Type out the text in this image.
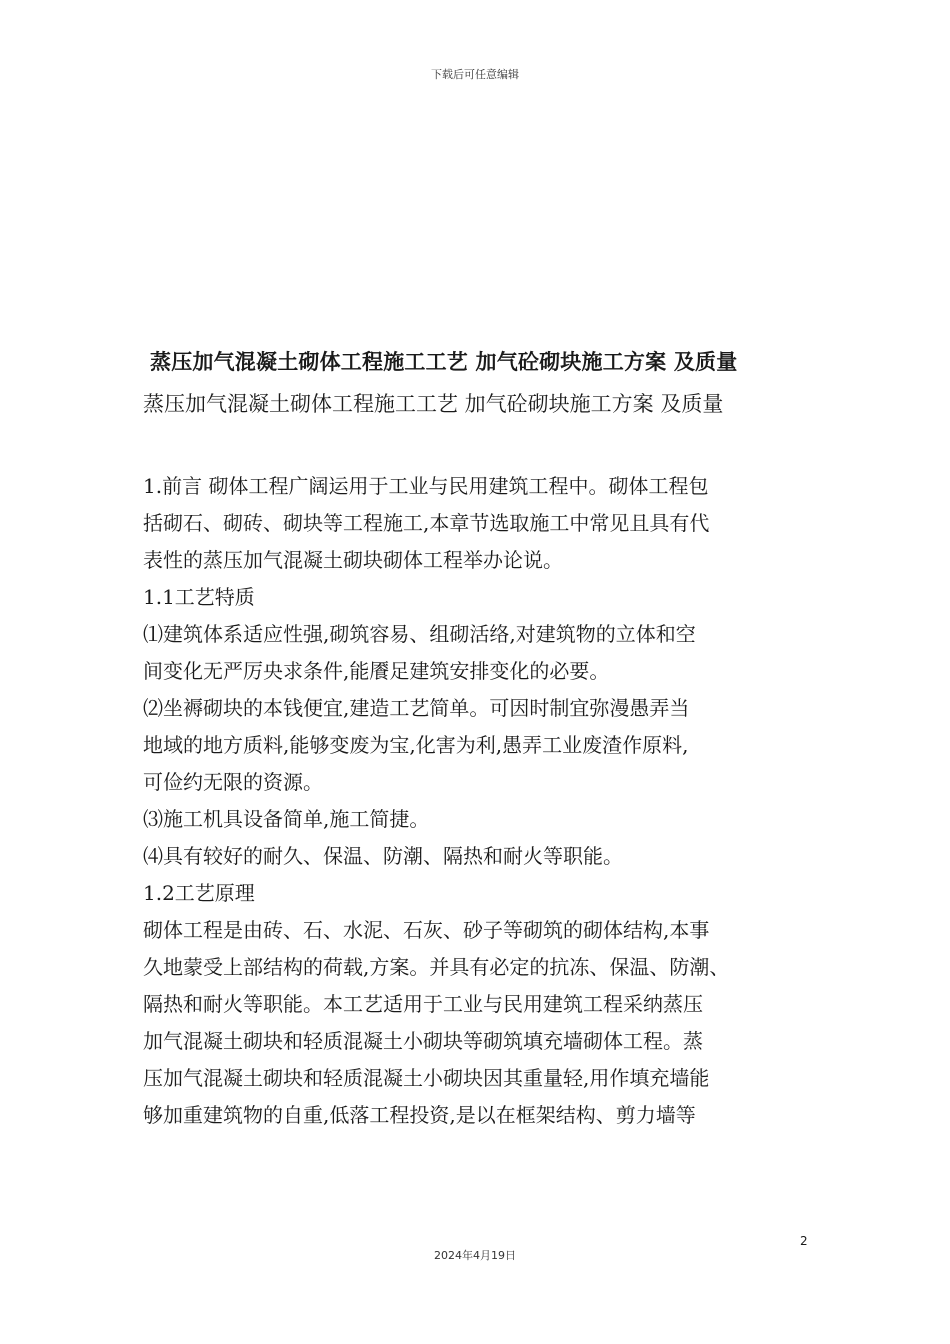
下载后可任意编辑
蒸压加气混凝土砌体工程施工工艺 加气砼砌块施工方案 及质量
蒸压加气混凝土砌体工程施工工艺 加气砼砌块施工方案 及质量
1.前言 砌体工程广阔运用于工业与民用建筑工程中。砌体工程包
括砌石、砌砖、砌块等工程施工,本章节选取施工中常见且具有代
表性的蒸压加气混凝土砌块砌体工程举办论说。
1.1工艺特质
⑴建筑体系适应性强,砌筑容易、组砌活络,对建筑物的立体和空
间变化无严厉央求条件,能餍足建筑安排变化的必要。
⑵坐褥砌块的本钱便宜,建造工艺简单。可因时制宜弥漫愚弄当
地域的地方质料,能够变废为宝,化害为利,愚弄工业废渣作原料,
可俭约无限的资源。
⑶施工机具设备简单,施工简捷。
⑷具有较好的耐久、保温、防潮、隔热和耐火等职能。
1.2工艺原理
砌体工程是由砖、石、水泥、石灰、砂子等砌筑的砌体结构,本事
久地蒙受上部结构的荷载,方案。并具有必定的抗冻、保温、防潮、
隔热和耐火等职能。本工艺适用于工业与民用建筑工程采纳蒸压
加气混凝土砌块和轻质混凝土小砌块等砌筑填充墙砌体工程。蒸
压加气混凝土砌块和轻质混凝土小砌块因其重量轻,用作填充墙能
够加重建筑物的自重,低落工程投资,是以在框架结构、剪力墙等
2
2024年4月19日
